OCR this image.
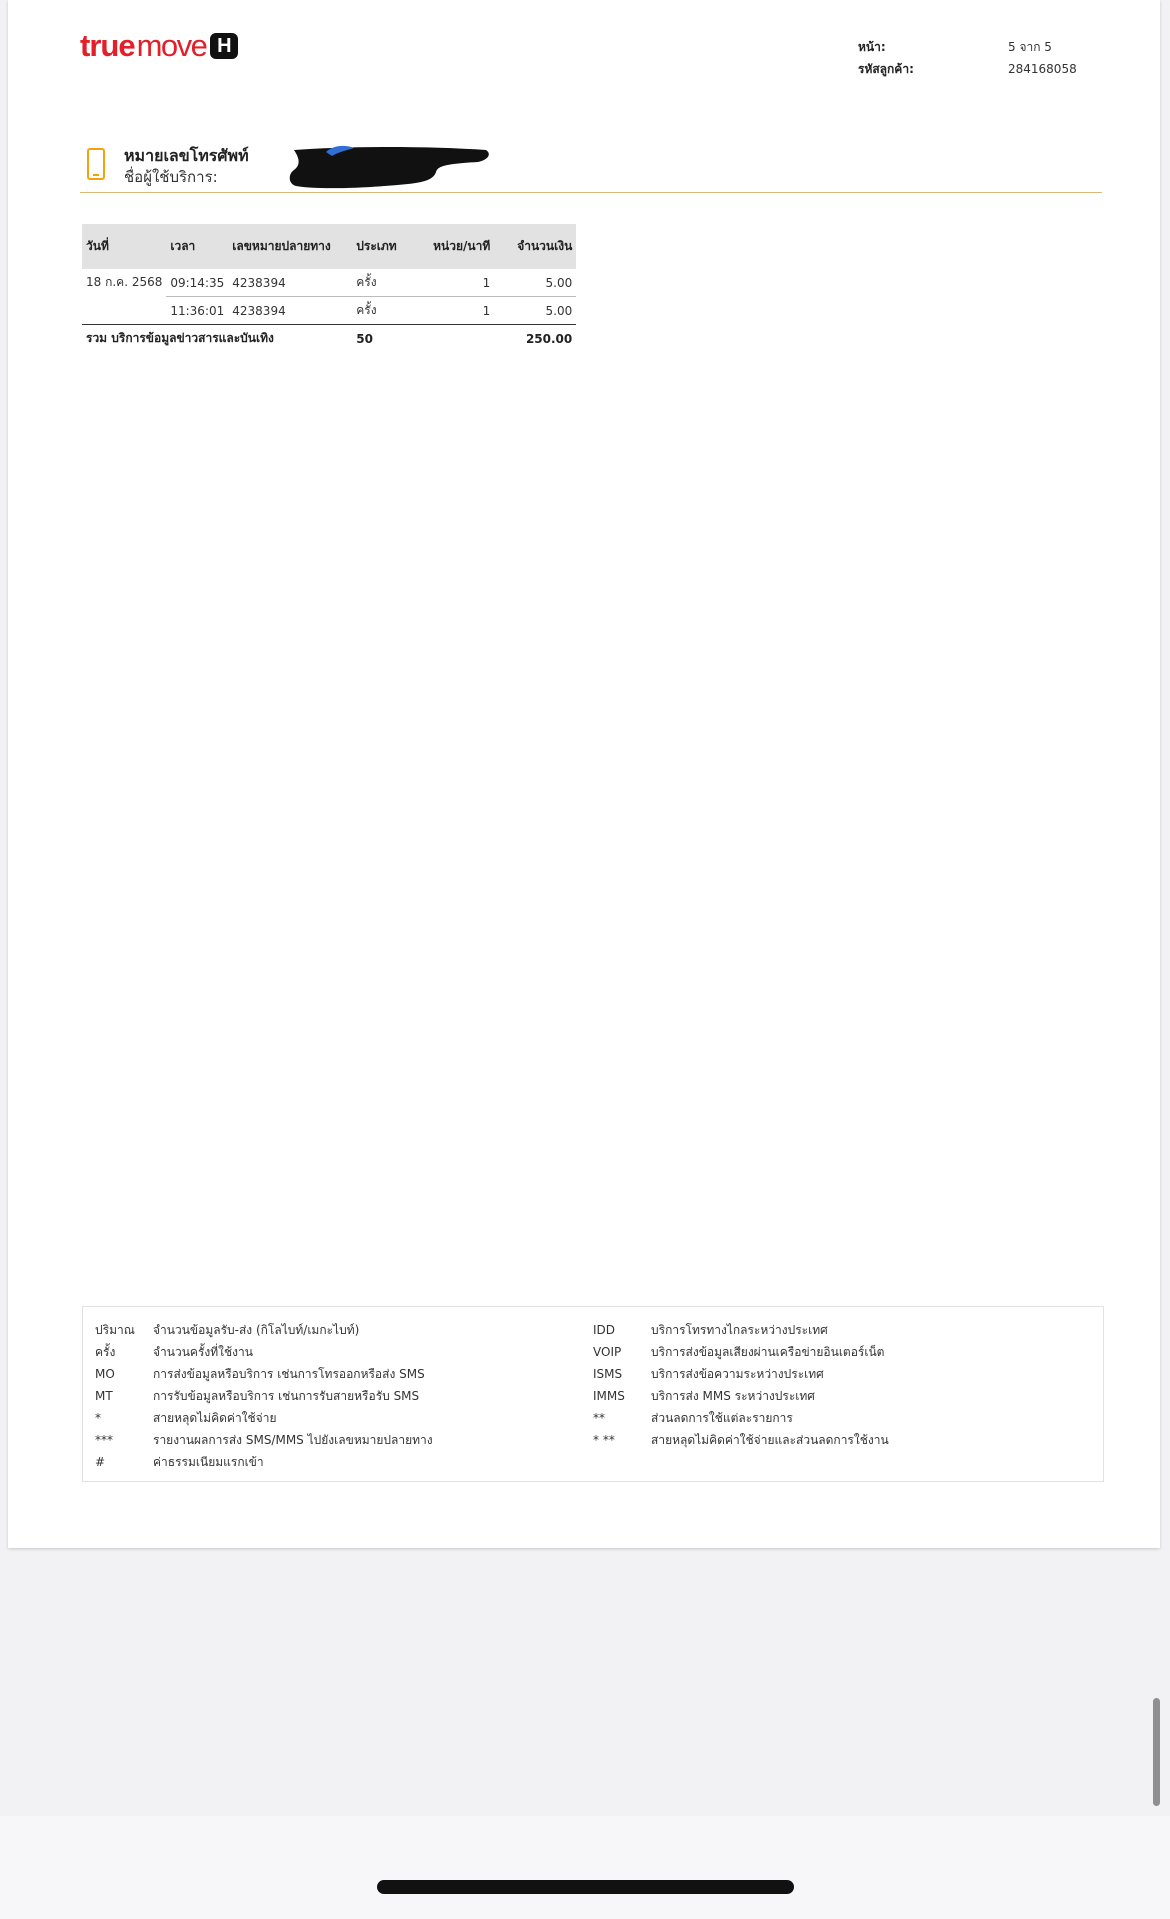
true move H	หน้า:	5 จาก 5
รหัสลูกค้า:	284168058
หมายเลขโทรศัพท์
ชื่อผู้ใช้บริการ:
วันที่	เวลา	เลขหมายปลายทาง	ประเภท	หน่วย/นาที	จำนวนเงิน
18 ก.ค. 2568	09:14:35	4238394	ครั้ง	1	5.00
	11:36:01	4238394	ครั้ง	1	5.00
รวม บริการข้อมูลข่าวสารและบันเทิง			50		250.00
ปริมาณ	จำนวนข้อมูลรับ-ส่ง (กิโลไบท์/เมกะไบท์)
ครั้ง	จำนวนครั้งที่ใช้งาน
MO	การส่งข้อมูลหรือบริการ เช่นการโทรออกหรือส่ง SMS
MT	การรับข้อมูลหรือบริการ เช่นการรับสายหรือรับ SMS
*	สายหลุดไม่คิดค่าใช้จ่าย
***	รายงานผลการส่ง SMS/MMS ไปยังเลขหมายปลายทาง
#	ค่าธรรมเนียมแรกเข้า
IDD	บริการโทรทางไกลระหว่างประเทศ
VOIP	บริการส่งข้อมูลเสียงผ่านเครือข่ายอินเตอร์เน็ต
ISMS	บริการส่งข้อความระหว่างประเทศ
IMMS	บริการส่ง MMS ระหว่างประเทศ
**	ส่วนลดการใช้แต่ละรายการ
* **	สายหลุดไม่คิดค่าใช้จ่ายและส่วนลดการใช้งาน
